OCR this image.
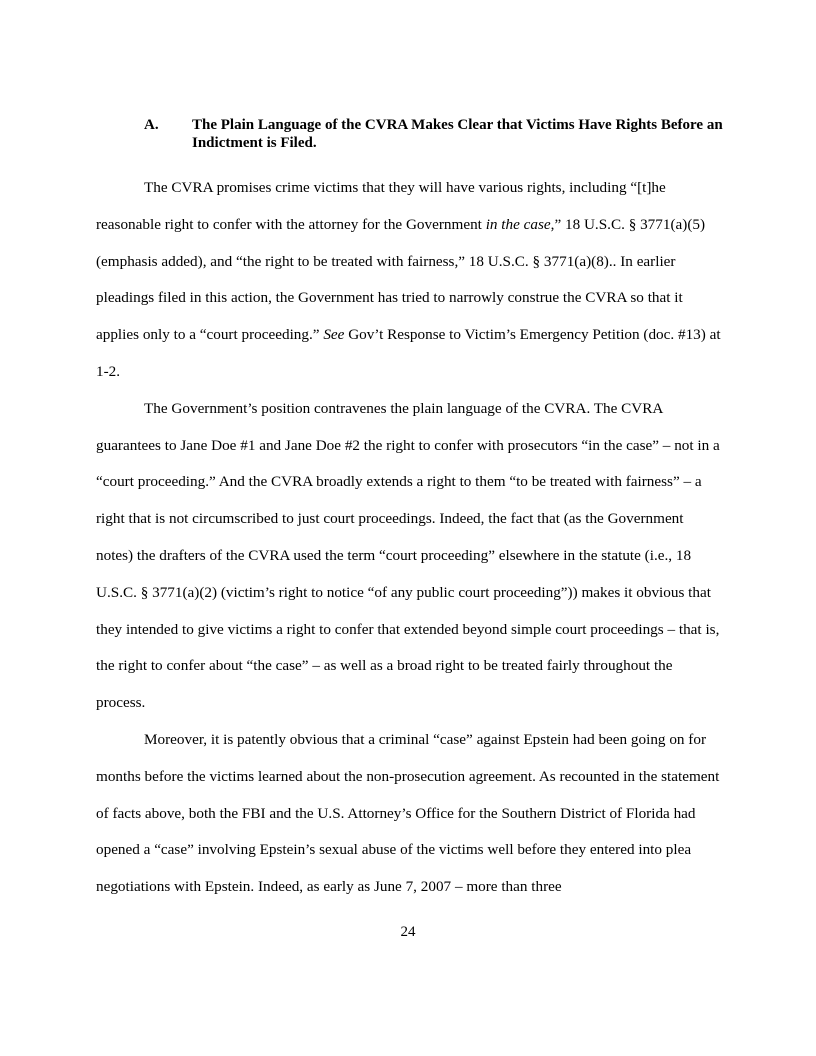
A. The Plain Language of the CVRA Makes Clear that Victims Have Rights Before an Indictment is Filed.

The CVRA promises crime victims that they will have various rights, including “[t]he reasonable right to confer with the attorney for the Government in the case,” 18 U.S.C. § 3771(a)(5) (emphasis added), and “the right to be treated with fairness,” 18 U.S.C. § 3771(a)(8).. In earlier pleadings filed in this action, the Government has tried to narrowly construe the CVRA so that it applies only to a “court proceeding.” See Gov’t Response to Victim’s Emergency Petition (doc. #13) at 1-2.

The Government’s position contravenes the plain language of the CVRA. The CVRA guarantees to Jane Doe #1 and Jane Doe #2 the right to confer with prosecutors “in the case” – not in a “court proceeding.” And the CVRA broadly extends a right to them “to be treated with fairness” – a right that is not circumscribed to just court proceedings. Indeed, the fact that (as the Government notes) the drafters of the CVRA used the term “court proceeding” elsewhere in the statute (i.e., 18 U.S.C. § 3771(a)(2) (victim’s right to notice “of any public court proceeding”)) makes it obvious that they intended to give victims a right to confer that extended beyond simple court proceedings – that is, the right to confer about “the case” – as well as a broad right to be treated fairly throughout the process.

Moreover, it is patently obvious that a criminal “case” against Epstein had been going on for months before the victims learned about the non-prosecution agreement. As recounted in the statement of facts above, both the FBI and the U.S. Attorney’s Office for the Southern District of Florida had opened a “case” involving Epstein’s sexual abuse of the victims well before they entered into plea negotiations with Epstein. Indeed, as early as June 7, 2007 – more than three

24
